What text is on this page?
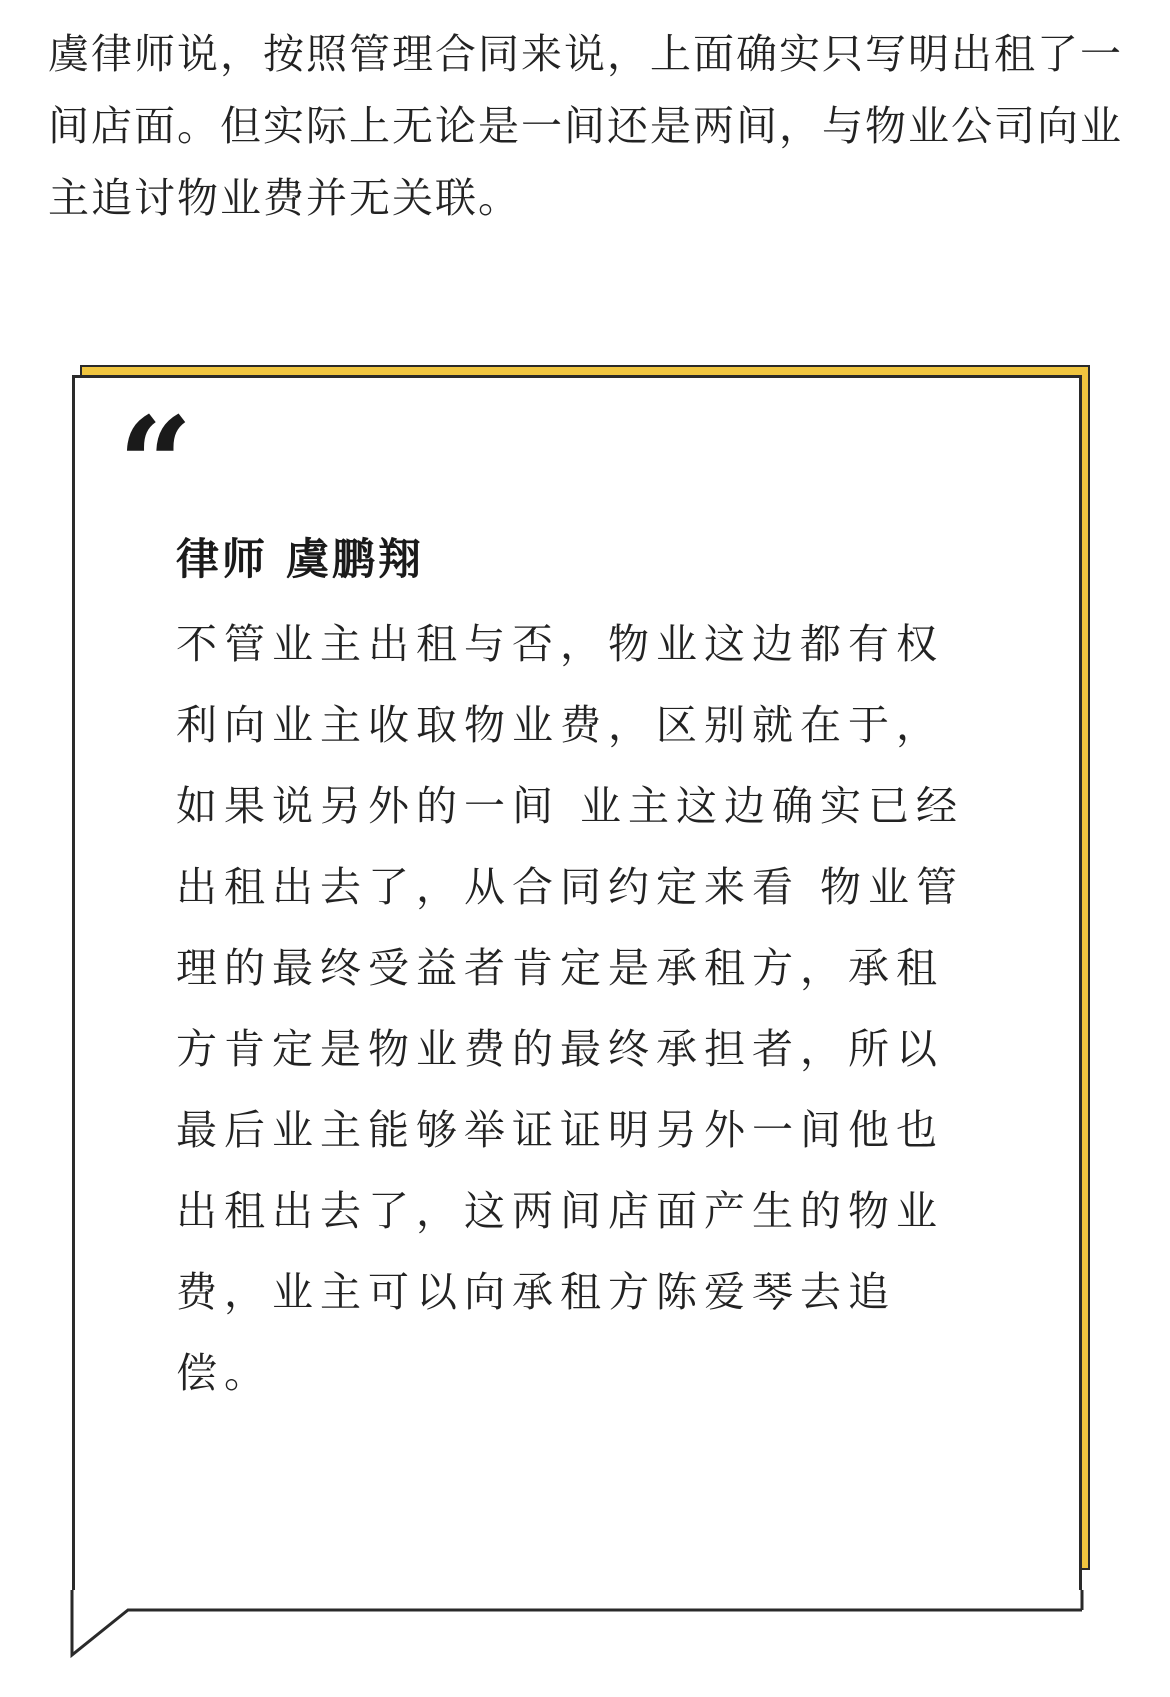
虞律师说，按照管理合同来说，上面确实只写明出租了一间店面。但实际上无论是一间还是两间，与物业公司向业主追讨物业费并无关联。

“
律师 虞鹏翔

不管业主出租与否，物业这边都有权利向业主收取物业费，区别就在于，如果说另外的一间 业主这边确实已经出租出去了，从合同约定来看 物业管理的最终受益者肯定是承租方，承租方肯定是物业费的最终承担者，所以最后业主能够举证证明另外一间他也出租出去了，这两间店面产生的物业费，业主可以向承租方陈爱琴去追偿。
